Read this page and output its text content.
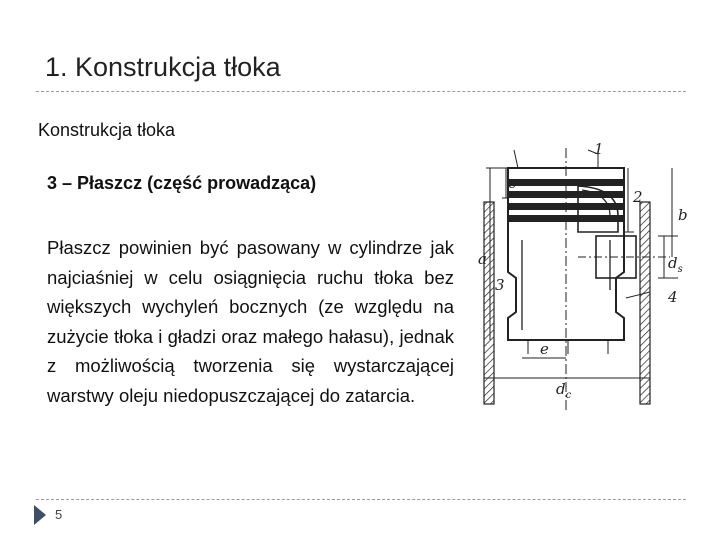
1. Konstrukcja tłoka
Konstrukcja tłoka
3 – Płaszcz (część prowadząca)
Płaszcz powinien być pasowany w cylindrze jak najciaśniej w celu osiągnięcia ruchu tłoka bez większych wychyleń bocznych (ze względu na zużycie tłoka i gładzi oraz małego hałasu), jednak z możliwością tworzenia się wystarczającej warstwy oleju niedopuszczającej do zatarcia.
1
2
3
4
c
b
a	$d_s$
e
$d_c$
5
